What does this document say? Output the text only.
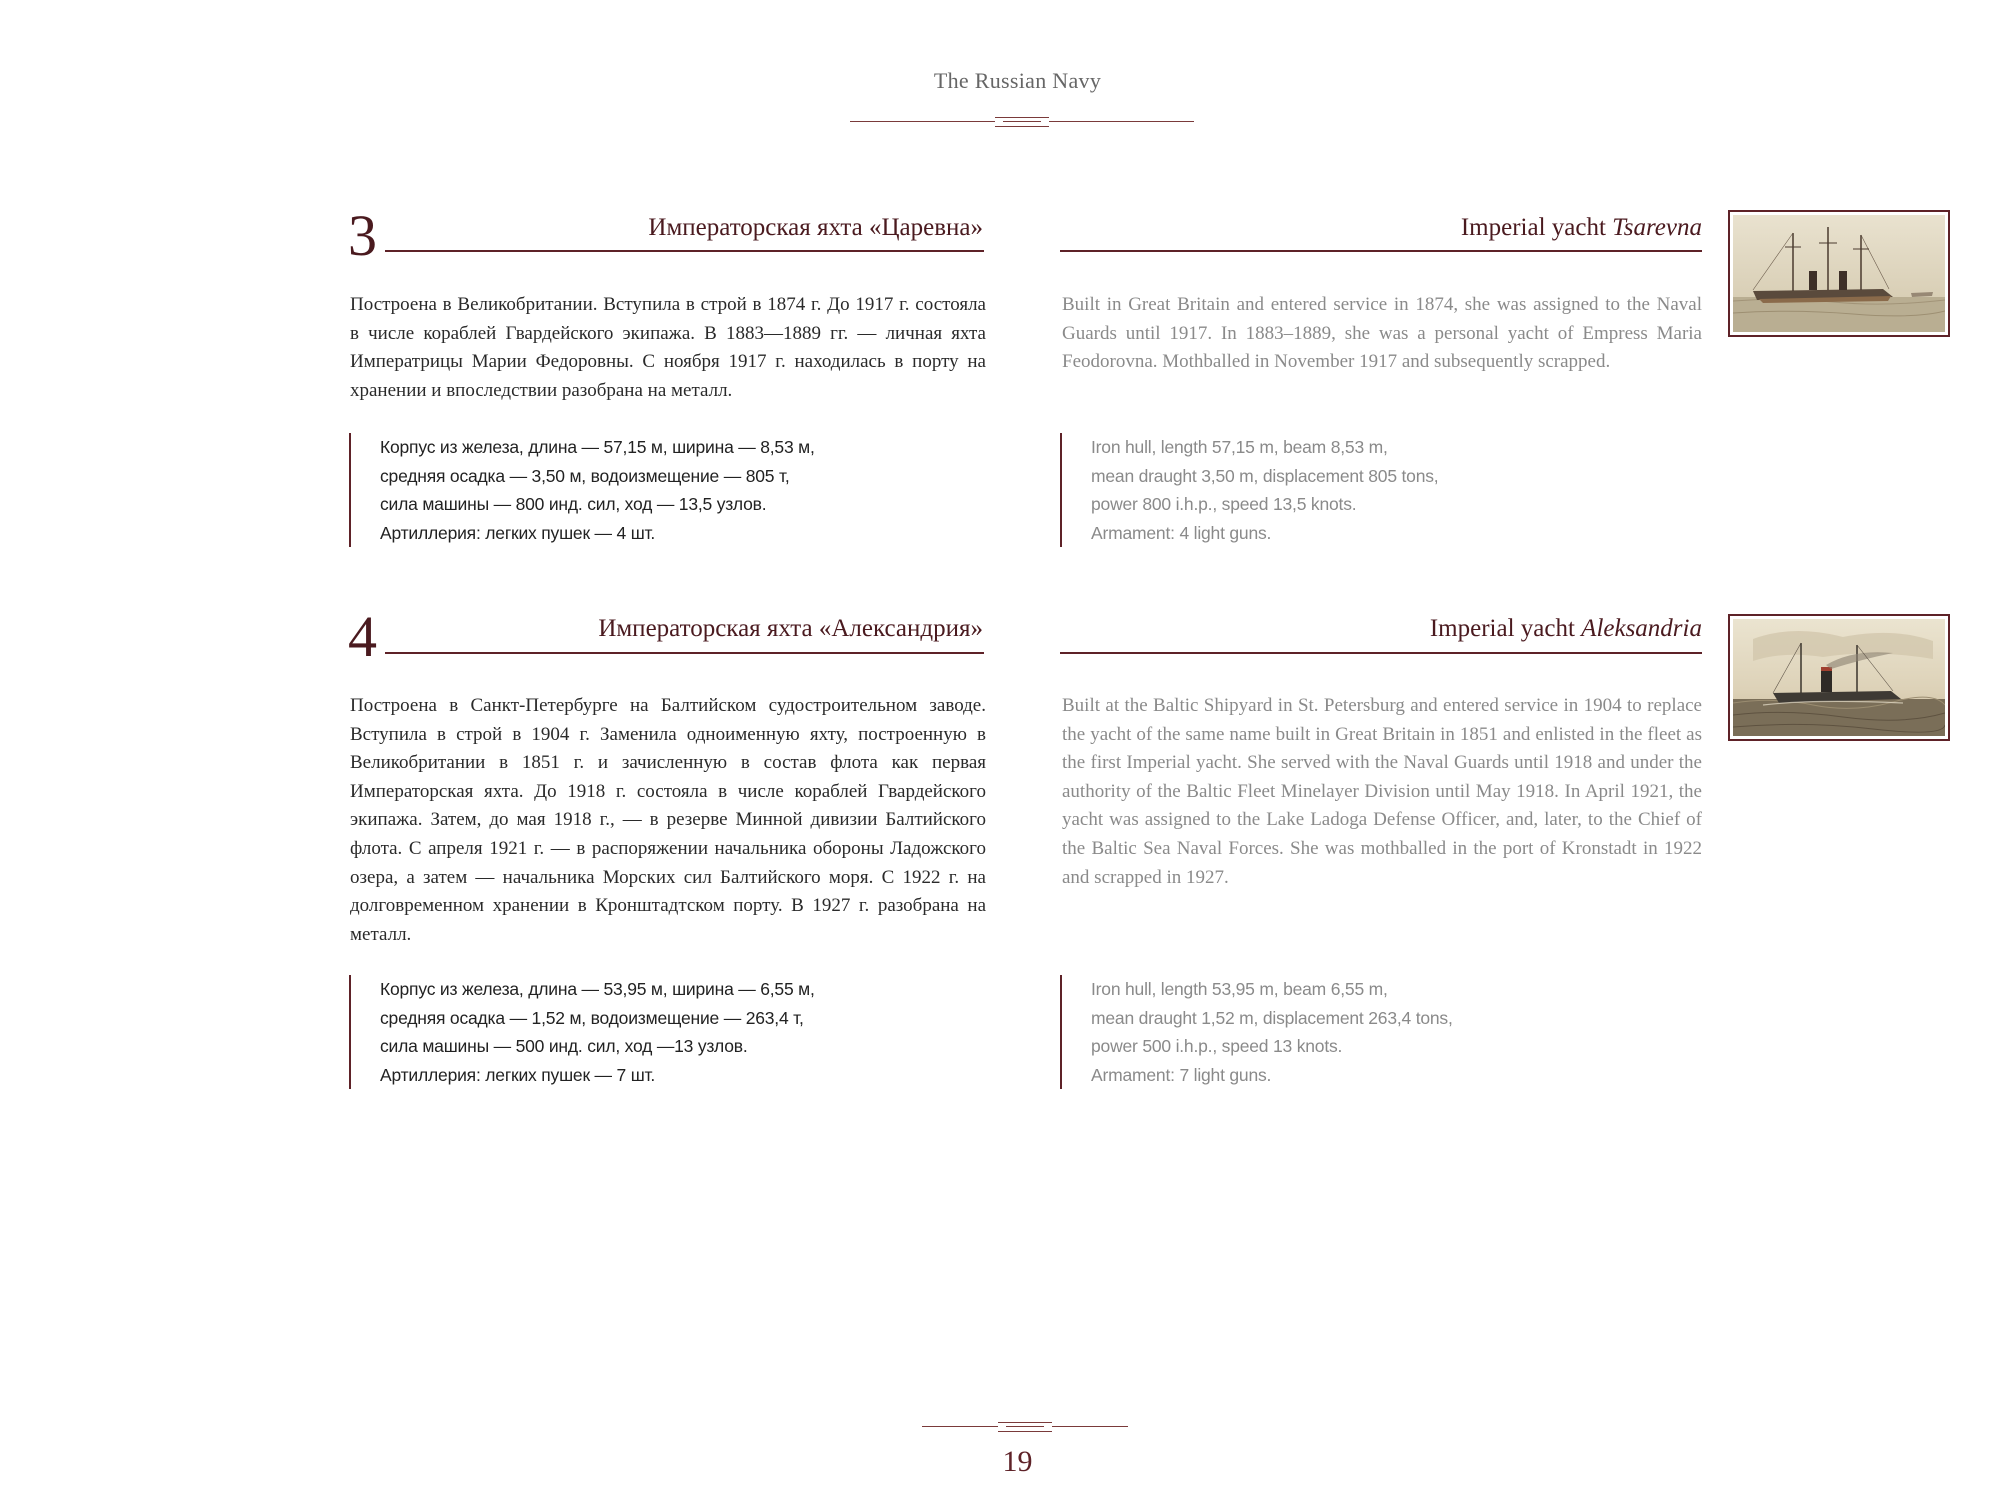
The Russian Navy
3	Императорская яхта «Царевна»	Imperial yacht Tsarevna
Построена в Великобритании. Вступила в строй в 1874 г. До 1917 г. состояла в числе кораблей Гвардейского экипажа. В 1883—1889 гг. — личная яхта Императрицы Марии Федоровны. С ноября 1917 г. находилась в порту на хранении и впоследствии разобрана на металл.
Built in Great Britain and entered service in 1874, she was assigned to the Naval Guards until 1917. In 1883–1889, she was a personal yacht of Empress Maria Feodorovna. Mothballed in November 1917 and subsequently scrapped.
Корпус из железа, длина — 57,15 м, ширина — 8,53 м,
средняя осадка — 3,50 м, водоизмещение — 805 т,
сила машины — 800 инд. сил, ход — 13,5 узлов.
Артиллерия: легких пушек — 4 шт.
Iron hull, length 57,15 m, beam 8,53 m,
mean draught 3,50 m, displacement 805 tons,
power 800 i.h.p., speed 13,5 knots.
Armament: 4 light guns.
4	Императорская яхта «Александрия»	Imperial yacht Aleksandria
Построена в Санкт-Петербурге на Балтийском судостроительном заводе. Вступила в строй в 1904 г. Заменила одноименную яхту, построенную в Великобритании в 1851 г. и зачисленную в состав флота как первая Императорская яхта. До 1918 г. состояла в числе кораблей Гвардейского экипажа. Затем, до мая 1918 г., — в резерве Минной дивизии Балтийского флота. С апреля 1921 г. — в распоряжении начальника обороны Ладожского озера, а затем — начальника Морских сил Балтийского моря. С 1922 г. на долговременном хранении в Кронштадтском порту. В 1927 г. разобрана на металл.
Built at the Baltic Shipyard in St. Petersburg and entered service in 1904 to replace the yacht of the same name built in Great Britain in 1851 and enlisted in the fleet as the first Imperial yacht. She served with the Naval Guards until 1918 and under the authority of the Baltic Fleet Minelayer Division until May 1918. In April 1921, the yacht was assigned to the Lake Ladoga Defense Officer, and, later, to the Chief of the Baltic Sea Naval Forces. She was mothballed in the port of Kronstadt in 1922 and scrapped in 1927.
Корпус из железа, длина — 53,95 м, ширина — 6,55 м,
средняя осадка — 1,52 м, водоизмещение — 263,4 т,
сила машины — 500 инд. сил, ход —13 узлов.
Артиллерия: легких пушек — 7 шт.
Iron hull, length 53,95 m, beam 6,55 m,
mean draught 1,52 m, displacement 263,4 tons,
power 500 i.h.p., speed 13 knots.
Armament: 7 light guns.
19
